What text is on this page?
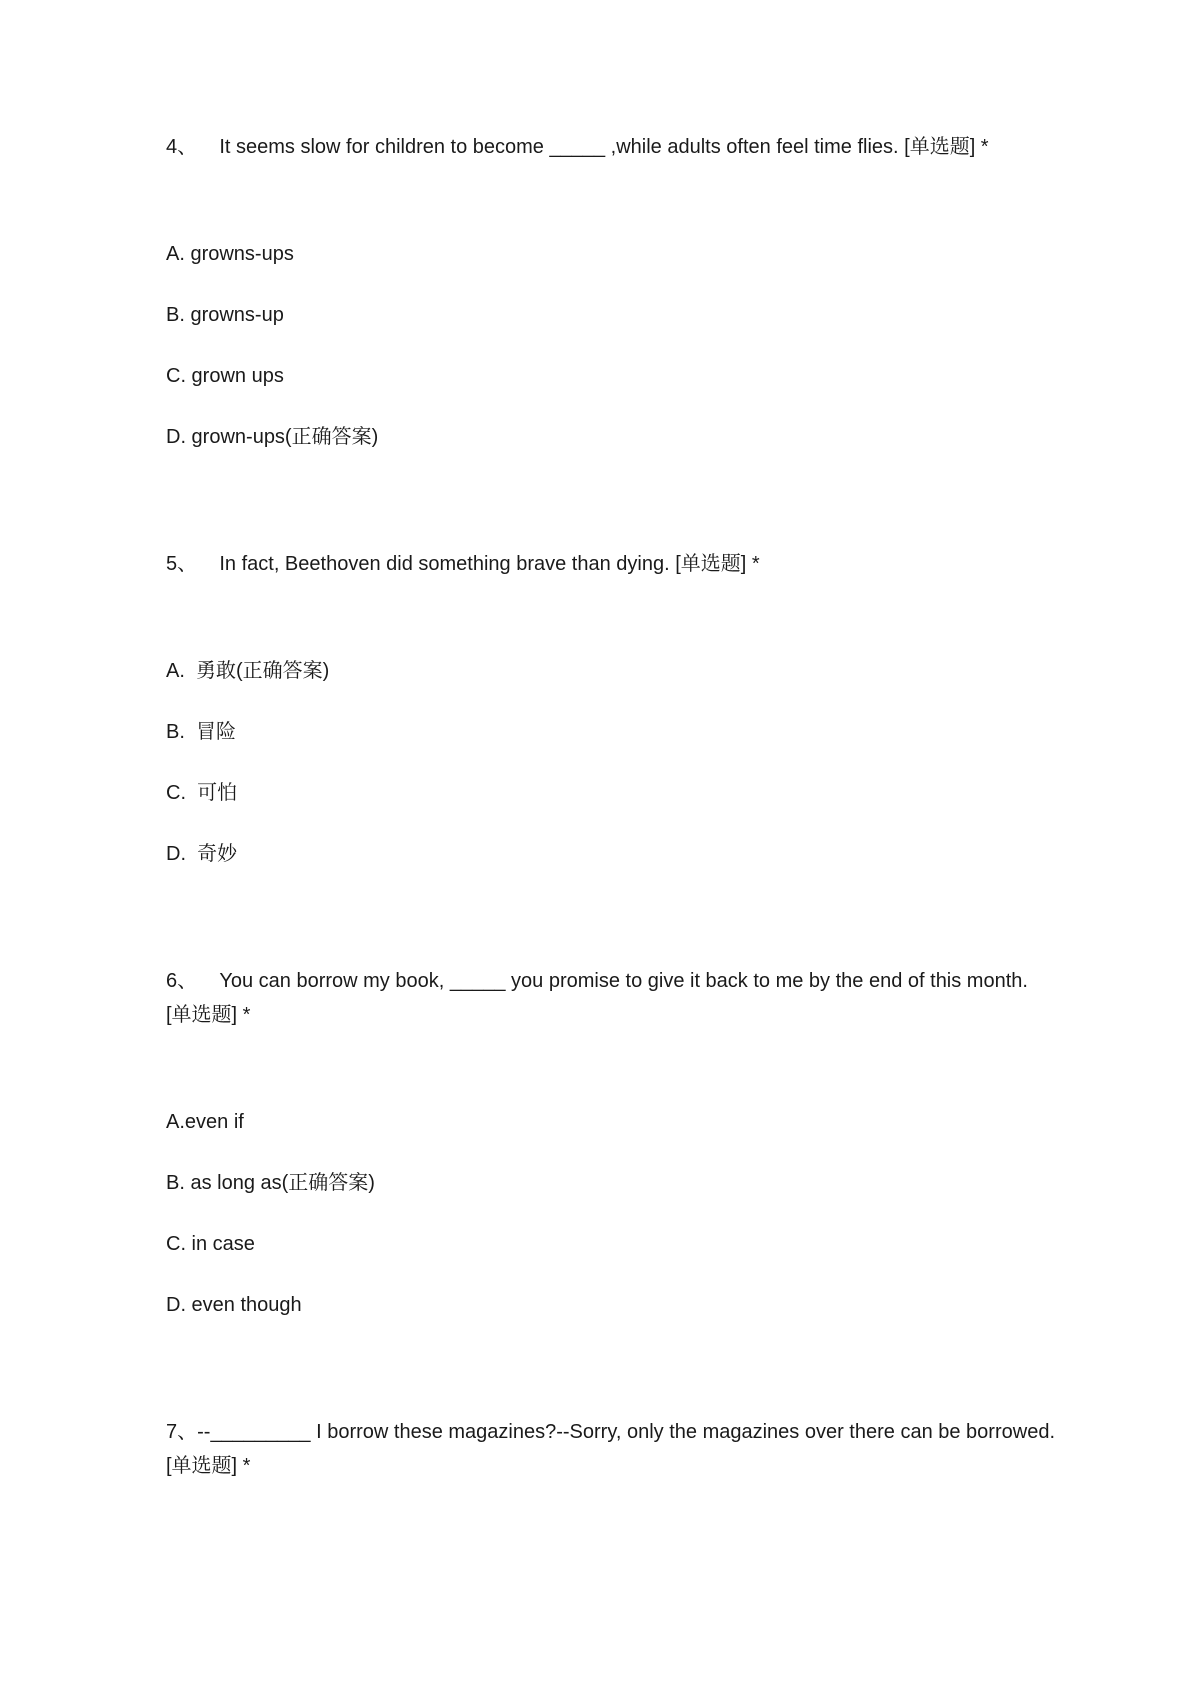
4、    It seems slow for children to become _____ ,while adults often feel time flies. [单选题] *
A. growns-ups
B. growns-up
C. grown ups
D. grown-ups(正确答案)
5、    In fact, Beethoven did something brave than dying. [单选题] *
A.  勇敢(正确答案)
B.  冒险
C.  可怕
D.  奇妙
6、    You can borrow my book, _____ you promise to give it back to me by the end of this month.
[单选题] *
A.even if
B. as long as(正确答案)
C. in case
D. even though
7、--_________ I borrow these magazines?--Sorry, only the magazines over there can be borrowed.
[单选题] *
